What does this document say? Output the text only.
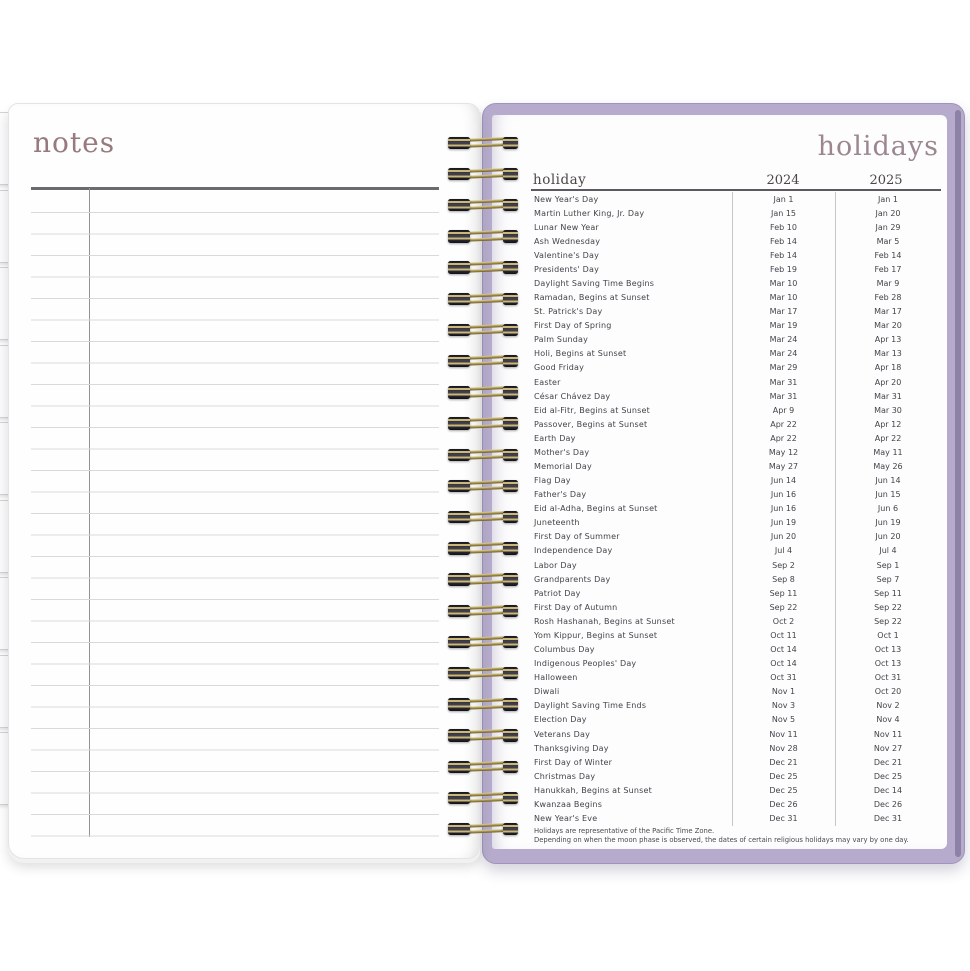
notes	holidays
holiday	2024	2025
New Year's Day	Jan 1	Jan 1
Martin Luther King, Jr. Day	Jan 15	Jan 20
Lunar New Year	Feb 10	Jan 29
Ash Wednesday	Feb 14	Mar 5
Valentine's Day	Feb 14	Feb 14
Presidents' Day	Feb 19	Feb 17
Daylight Saving Time Begins	Mar 10	Mar 9
Ramadan, Begins at Sunset	Mar 10	Feb 28
St. Patrick's Day	Mar 17	Mar 17
First Day of Spring	Mar 19	Mar 20
Palm Sunday	Mar 24	Apr 13
Holi, Begins at Sunset	Mar 24	Mar 13
Good Friday	Mar 29	Apr 18
Easter	Mar 31	Apr 20
César Chávez Day	Mar 31	Mar 31
Eid al-Fitr, Begins at Sunset	Apr 9	Mar 30
Passover, Begins at Sunset	Apr 22	Apr 12
Earth Day	Apr 22	Apr 22
Mother's Day	May 12	May 11
Memorial Day	May 27	May 26
Flag Day	Jun 14	Jun 14
Father's Day	Jun 16	Jun 15
Eid al-Adha, Begins at Sunset	Jun 16	Jun 6
Juneteenth	Jun 19	Jun 19
First Day of Summer	Jun 20	Jun 20
Independence Day	Jul 4	Jul 4
Labor Day	Sep 2	Sep 1
Grandparents Day	Sep 8	Sep 7
Patriot Day	Sep 11	Sep 11
First Day of Autumn	Sep 22	Sep 22
Rosh Hashanah, Begins at Sunset	Oct 2	Sep 22
Yom Kippur, Begins at Sunset	Oct 11	Oct 1
Columbus Day	Oct 14	Oct 13
Indigenous Peoples' Day	Oct 14	Oct 13
Halloween	Oct 31	Oct 31
Diwali	Nov 1	Oct 20
Daylight Saving Time Ends	Nov 3	Nov 2
Election Day	Nov 5	Nov 4
Veterans Day	Nov 11	Nov 11
Thanksgiving Day	Nov 28	Nov 27
First Day of Winter	Dec 21	Dec 21
Christmas Day	Dec 25	Dec 25
Hanukkah, Begins at Sunset	Dec 25	Dec 14
Kwanzaa Begins	Dec 26	Dec 26
New Year's Eve	Dec 31	Dec 31
Holidays are representative of the Pacific Time Zone.
Depending on when the moon phase is observed, the dates of certain religious holidays may vary by one day.
